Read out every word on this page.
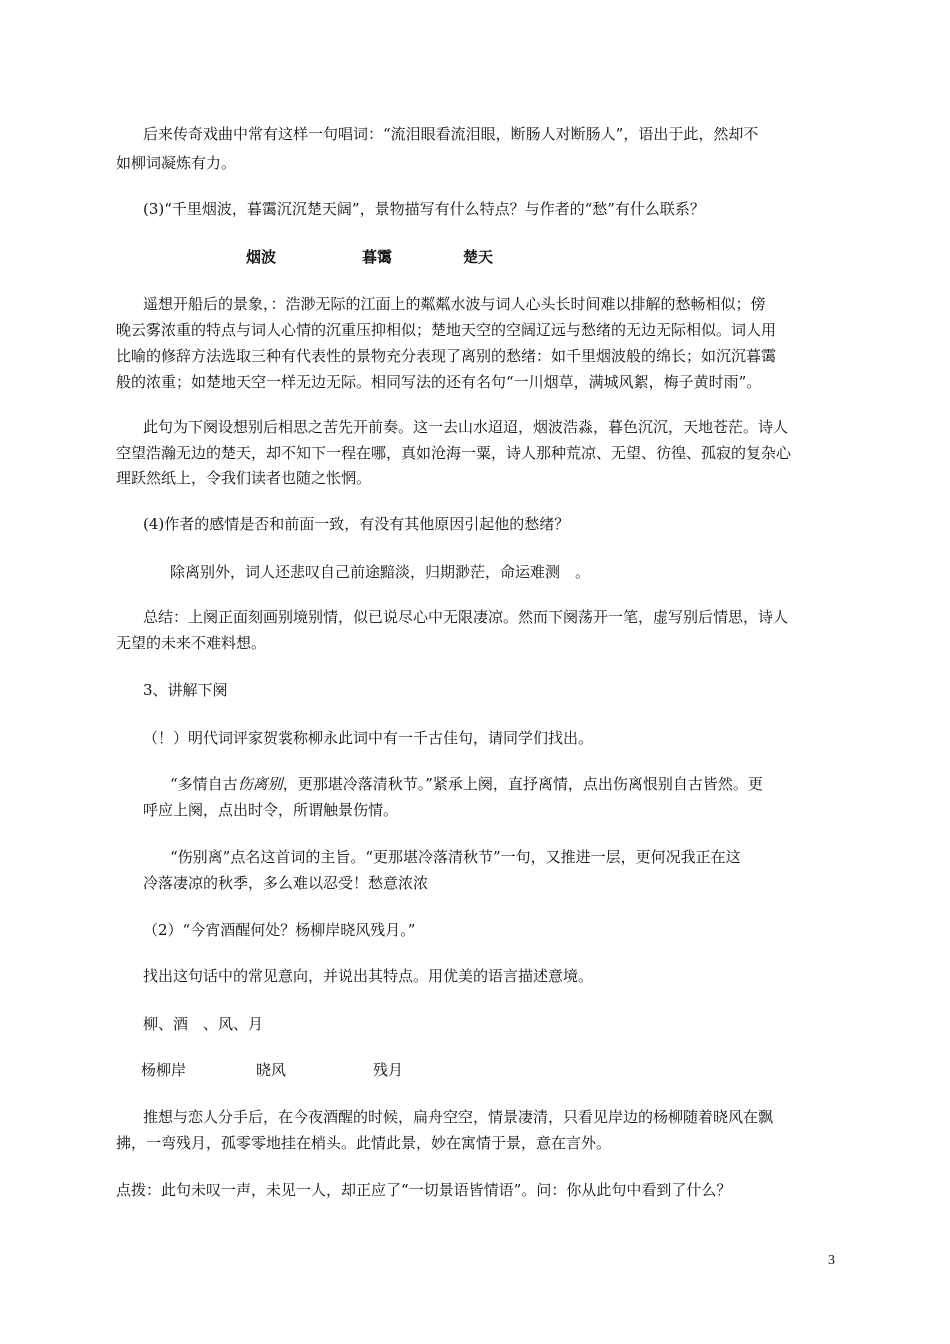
后来传奇戏曲中常有这样一句唱词：“流泪眼看流泪眼，断肠人对断肠人”，语出于此，然却不

如柳词凝炼有力。

(3)“千里烟波，暮霭沉沉楚天阔”，景物描写有什么特点？与作者的“愁”有什么联系？

烟波	暮霭	楚天

遥想开船后的景象，：浩渺无际的江面上的粼粼水波与词人心头长时间难以排解的愁畅相似；傍

晚云雾浓重的特点与词人心情的沉重压抑相似；楚地天空的空阔辽远与愁绪的无边无际相似。词人用

比喻的修辞方法选取三种有代表性的景物充分表现了离别的愁绪：如千里烟波般的绵长；如沉沉暮霭

般的浓重；如楚地天空一样无边无际。相同写法的还有名句“一川烟草，满城风絮，梅子黄时雨”。

此句为下阕设想别后相思之苦先开前奏。这一去山水迢迢，烟波浩淼，暮色沉沉，天地苍茫。诗人

空望浩瀚无边的楚天，却不知下一程在哪，真如沧海一粟，诗人那种荒凉、无望、彷徨、孤寂的复杂心

理跃然纸上，令我们读者也随之怅惘。

(4)作者的感情是否和前面一致，有没有其他原因引起他的愁绪？

除离别外，词人还悲叹自己前途黯淡，归期渺茫，命运难测　。

总结：上阕正面刻画别境别情，似已说尽心中无限凄凉。然而下阕荡开一笔，虚写别后情思，诗人

无望的未来不难料想。

3、讲解下阕

（！）明代词评家贺裳称柳永此词中有一千古佳句，请同学们找出。

“多情自古伤离别，更那堪冷落清秋节。”紧承上阕，直抒离情，点出伤离恨别自古皆然。更

呼应上阕，点出时令，所谓触景伤情。

“伤别离”点名这首词的主旨。“更那堪冷落清秋节”一句，又推进一层，更何况我正在这

冷落凄凉的秋季，多么难以忍受！愁意浓浓

（2）“今宵酒醒何处？杨柳岸晓风残月。”

找出这句话中的常见意向，并说出其特点。用优美的语言描述意境。

柳、酒　、风、月

杨柳岸	晓风	残月

推想与恋人分手后，在今夜酒醒的时候，扁舟空空，情景凄清，只看见岸边的杨柳随着晓风在飘

拂，一弯残月，孤零零地挂在梢头。此情此景，妙在寓情于景，意在言外。

点拨：此句未叹一声，未见一人，却正应了“一切景语皆情语”。问：你从此句中看到了什么？

3
